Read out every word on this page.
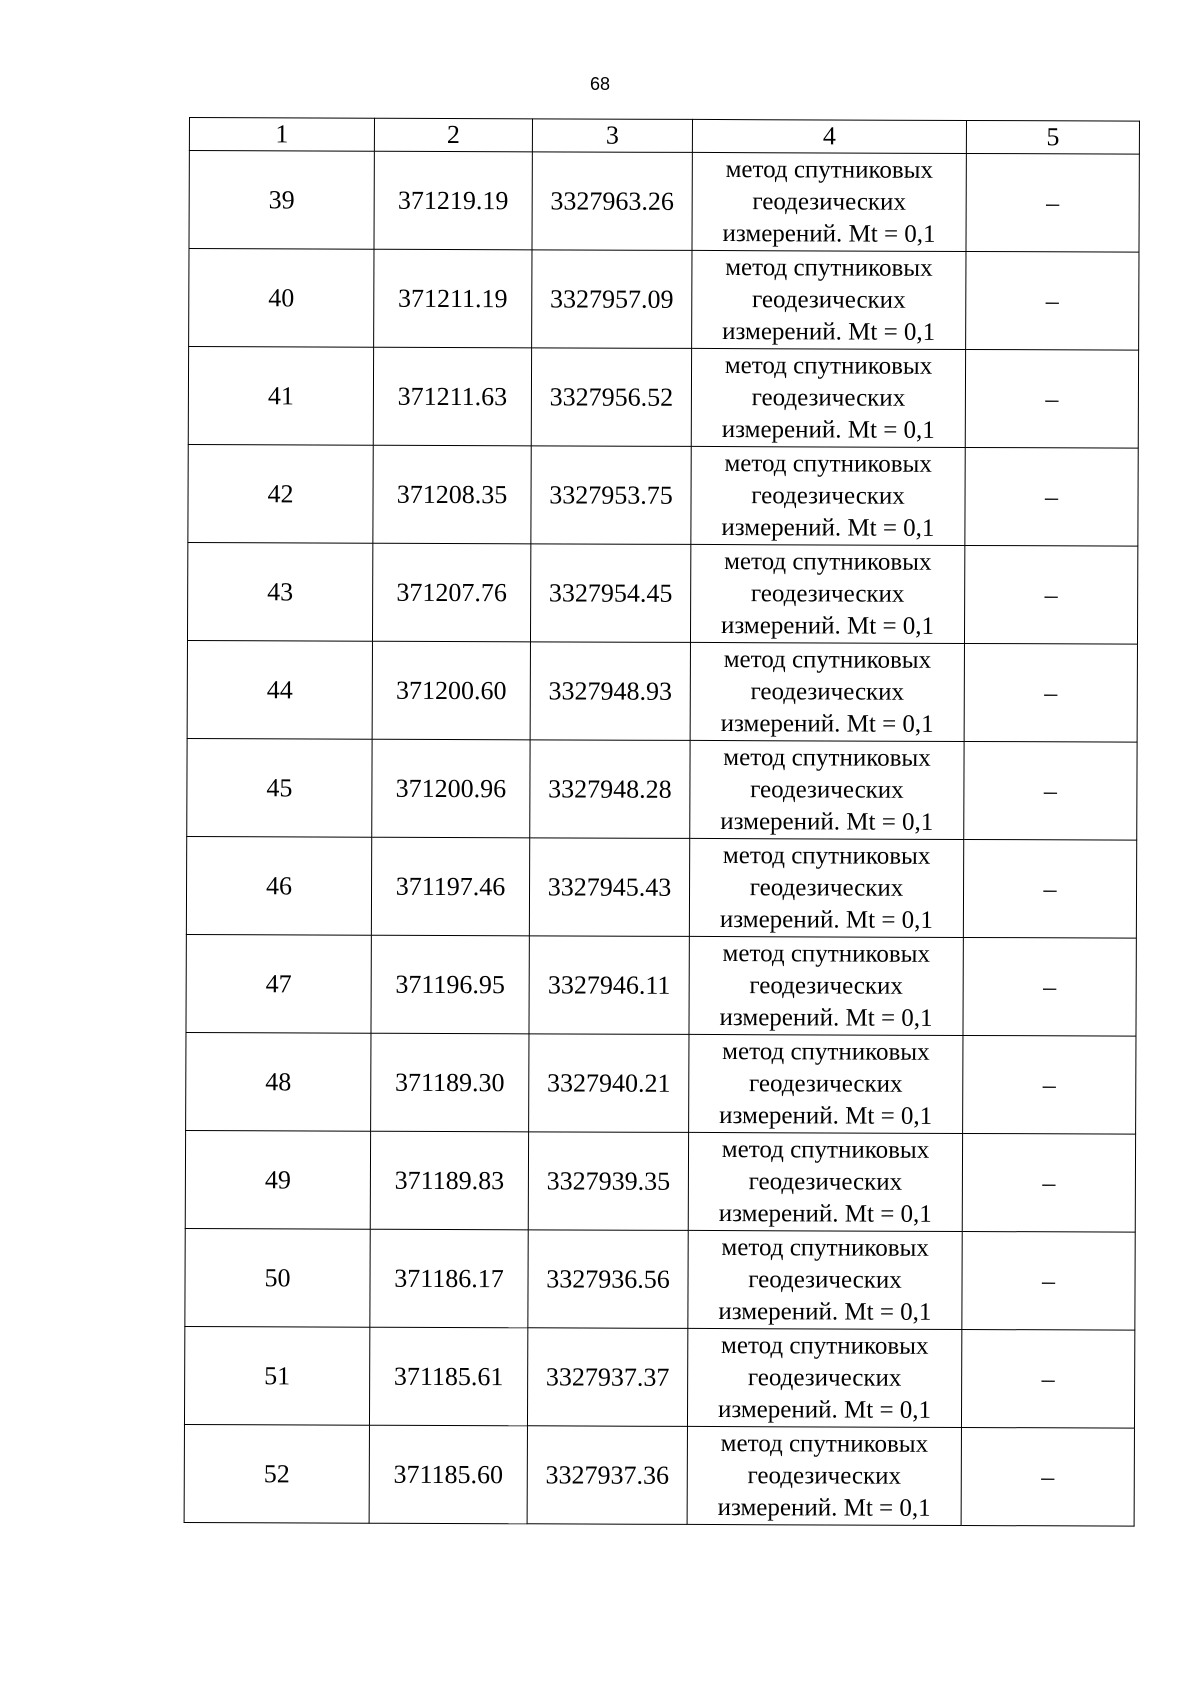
68
1	2	3	4	5
39	371219.19	3327963.26	метод спутниковых геодезических измерений. Mt = 0,1	–
40	371211.19	3327957.09	метод спутниковых геодезических измерений. Mt = 0,1	–
41	371211.63	3327956.52	метод спутниковых геодезических измерений. Mt = 0,1	–
42	371208.35	3327953.75	метод спутниковых геодезических измерений. Mt = 0,1	–
43	371207.76	3327954.45	метод спутниковых геодезических измерений. Mt = 0,1	–
44	371200.60	3327948.93	метод спутниковых геодезических измерений. Mt = 0,1	–
45	371200.96	3327948.28	метод спутниковых геодезических измерений. Mt = 0,1	–
46	371197.46	3327945.43	метод спутниковых геодезических измерений. Mt = 0,1	–
47	371196.95	3327946.11	метод спутниковых геодезических измерений. Mt = 0,1	–
48	371189.30	3327940.21	метод спутниковых геодезических измерений. Mt = 0,1	–
49	371189.83	3327939.35	метод спутниковых геодезических измерений. Mt = 0,1	–
50	371186.17	3327936.56	метод спутниковых геодезических измерений. Mt = 0,1	–
51	371185.61	3327937.37	метод спутниковых геодезических измерений. Mt = 0,1	–
52	371185.60	3327937.36	метод спутниковых геодезических измерений. Mt = 0,1	–
